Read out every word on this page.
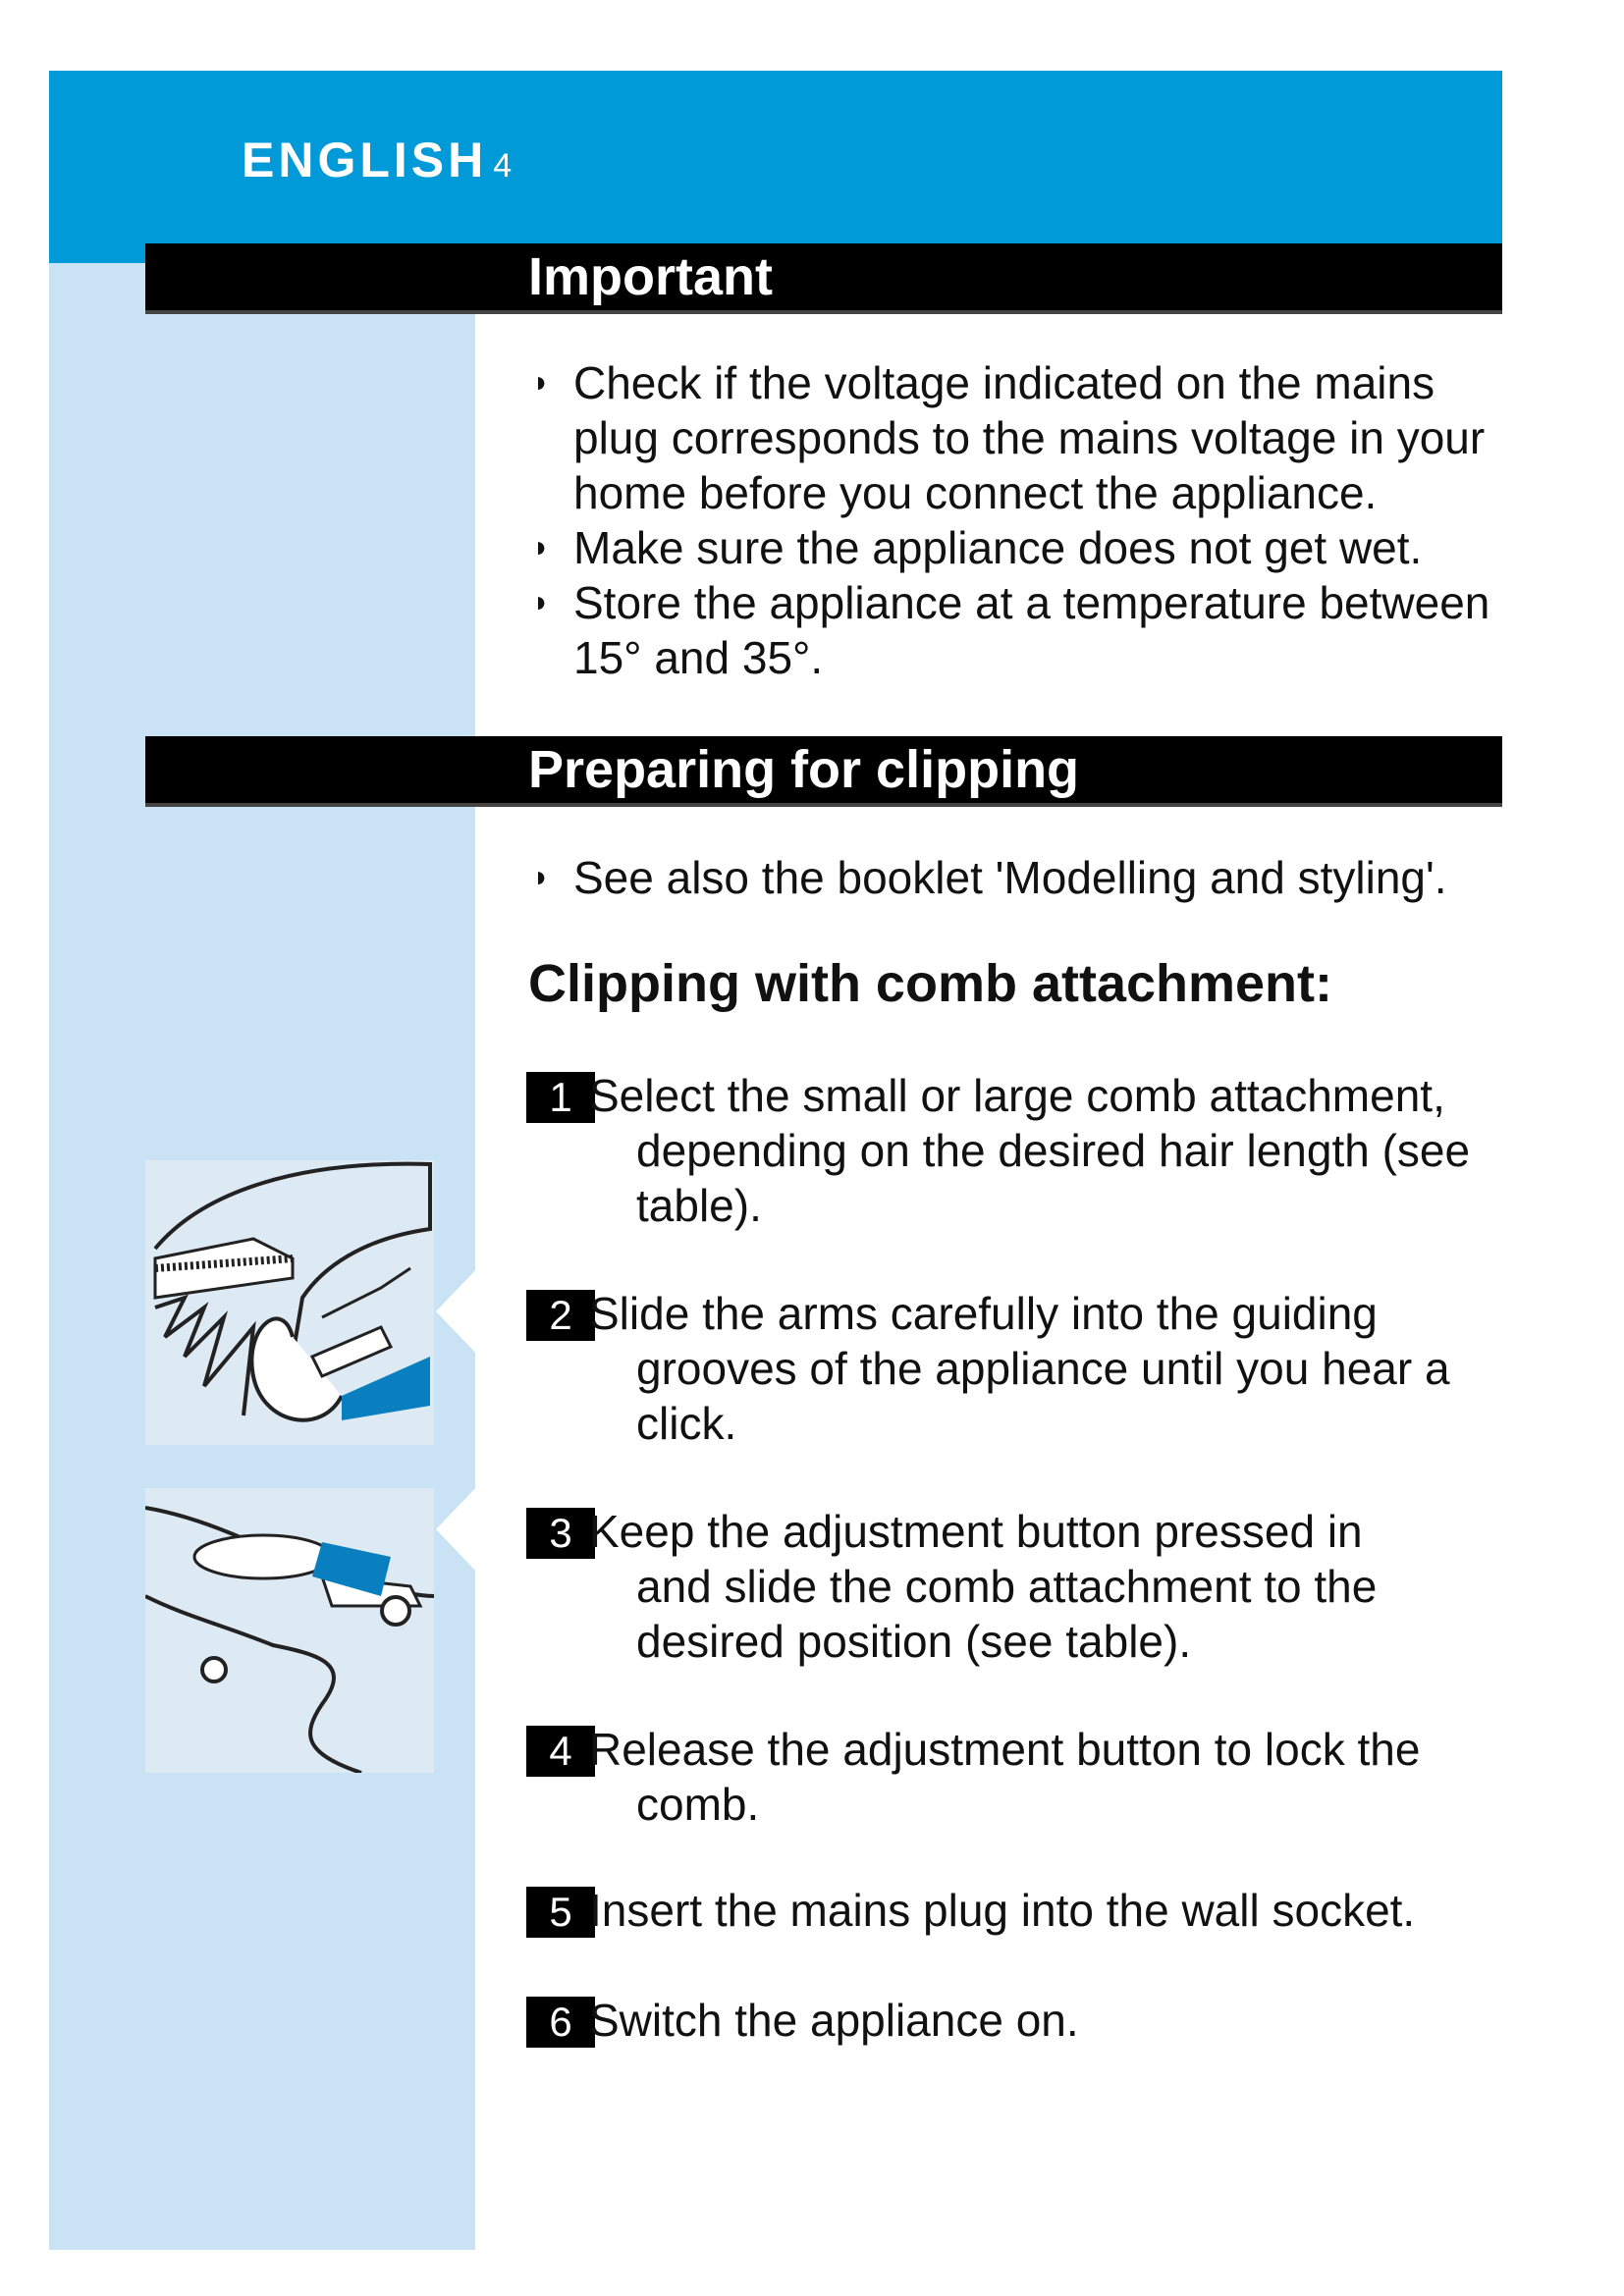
ENGLISH 4
Important
◗ Check if the voltage indicated on the mains plug corresponds to the mains voltage in your home before you connect the appliance.
◗ Make sure the appliance does not get wet.
◗ Store the appliance at a temperature between 15° and 35°.
Preparing for clipping
◗ See also the booklet 'Modelling and styling'.
Clipping with comb attachment:
1 Select the small or large comb attachment,
depending on the desired hair length (see table).
2 Slide the arms carefully into the guiding
grooves of the appliance until you hear a click.
3 Keep the adjustment button pressed in
and slide the comb attachment to the desired position (see table).
4 Release the adjustment button to lock the
comb.
5 Insert the mains plug into the wall socket.
6 Switch the appliance on.
